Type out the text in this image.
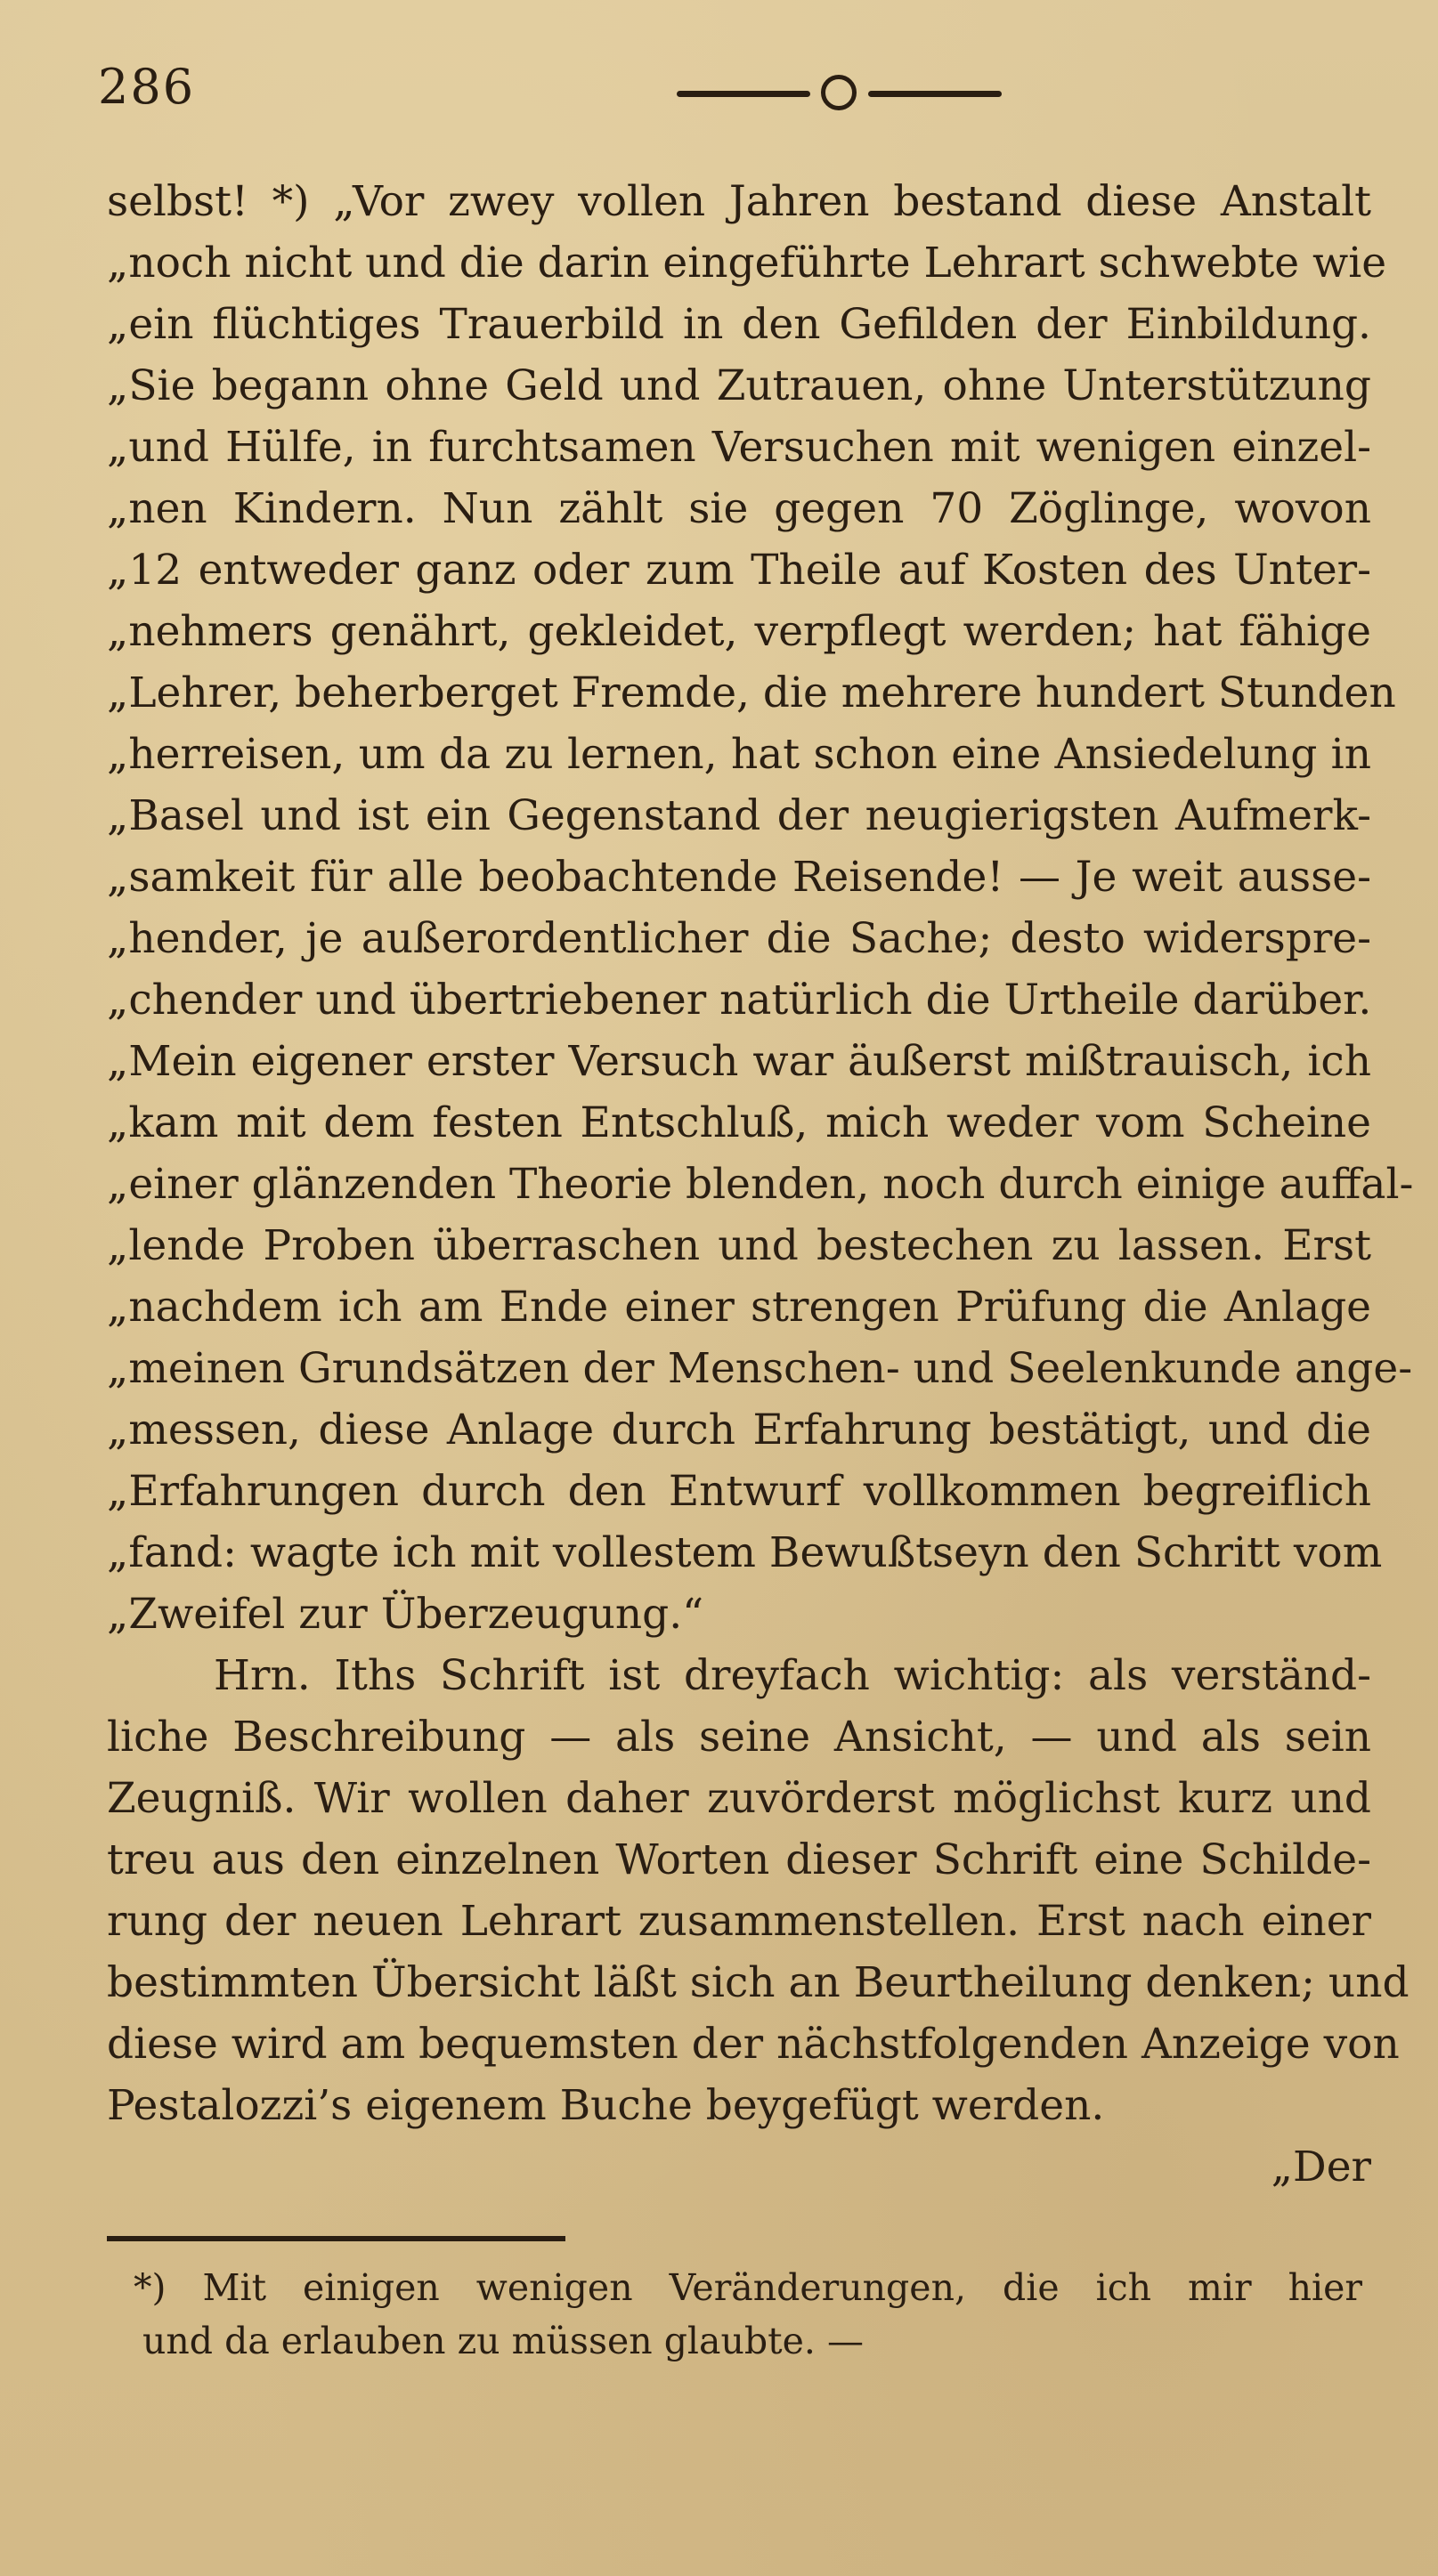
286
selbst! *) „Vor zwey vollen Jahren bestand diese Anstalt
„noch nicht und die darin eingeführte Lehrart schwebte wie
„ein flüchtiges Trauerbild in den Gefilden der Einbildung.
„Sie begann ohne Geld und Zutrauen, ohne Unterstützung
„und Hülfe, in furchtsamen Versuchen mit wenigen einzel-
„nen Kindern. Nun zählt sie gegen 70 Zöglinge, wovon
„12 entweder ganz oder zum Theile auf Kosten des Unter-
„nehmers genährt, gekleidet, verpflegt werden; hat fähige
„Lehrer, beherberget Fremde, die mehrere hundert Stunden
„herreisen, um da zu lernen, hat schon eine Ansiedelung in
„Basel und ist ein Gegenstand der neugierigsten Aufmerk-
„samkeit für alle beobachtende Reisende! — Je weit ausse-
„hender, je außerordentlicher die Sache; desto widerspre-
„chender und übertriebener natürlich die Urtheile darüber.
„Mein eigener erster Versuch war äußerst mißtrauisch, ich
„kam mit dem festen Entschluß, mich weder vom Scheine
„einer glänzenden Theorie blenden, noch durch einige auffal-
„lende Proben überraschen und bestechen zu lassen. Erst
„nachdem ich am Ende einer strengen Prüfung die Anlage
„meinen Grundsätzen der Menschen- und Seelenkunde ange-
„messen, diese Anlage durch Erfahrung bestätigt, und die
„Erfahrungen durch den Entwurf vollkommen begreiflich
„fand: wagte ich mit vollestem Bewußtseyn den Schritt vom
„Zweifel zur Überzeugung.“
Hrn. Iths Schrift ist dreyfach wichtig: als verständ-
liche Beschreibung — als seine Ansicht, — und als sein
Zeugniß. Wir wollen daher zuvörderst möglichst kurz und
treu aus den einzelnen Worten dieser Schrift eine Schilde-
rung der neuen Lehrart zusammenstellen. Erst nach einer
bestimmten Übersicht läßt sich an Beurtheilung denken; und
diese wird am bequemsten der nächstfolgenden Anzeige von
Pestalozzi’s eigenem Buche beygefügt werden.
„Der
*) Mit einigen wenigen Veränderungen, die ich mir hier
und da erlauben zu müssen glaubte. —
